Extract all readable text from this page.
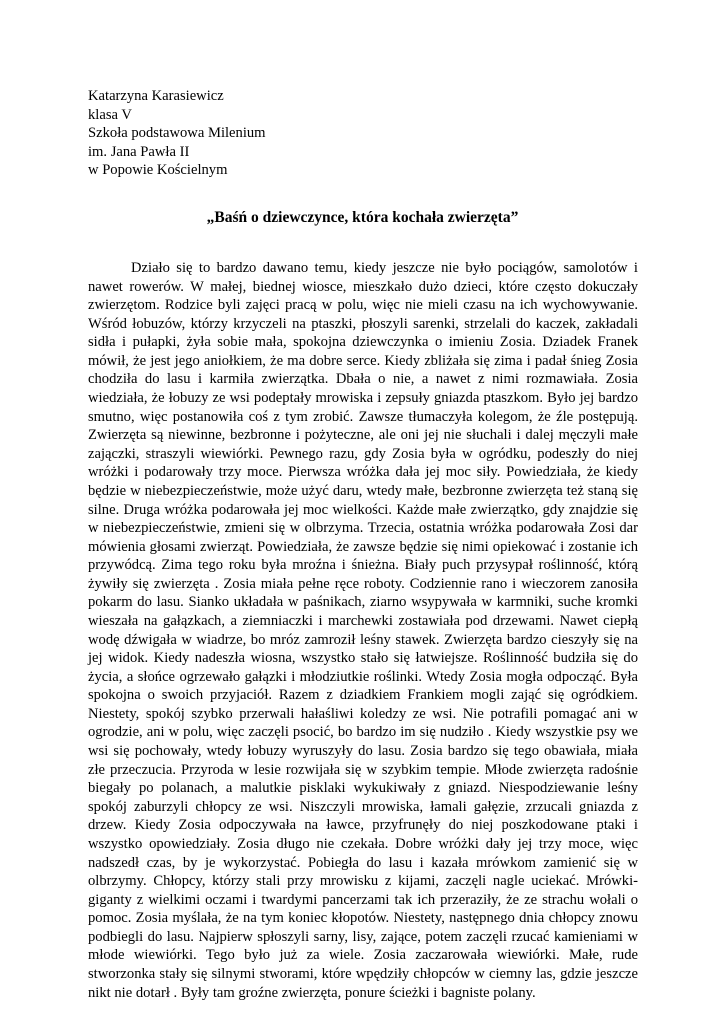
Katarzyna Karasiewicz
klasa V
Szkoła podstawowa Milenium
im. Jana Pawła II
w Popowie Kościelnym
„Baśń o dziewczynce, która kochała zwierzęta”
Działo się to bardzo dawano temu, kiedy jeszcze nie było pociągów, samolotów i
nawet rowerów. W małej, biednej wiosce, mieszkało dużo dzieci, które często dokuczały
zwierzętom. Rodzice byli zajęci pracą w polu, więc nie mieli czasu na ich wychowywanie.
Wśród łobuzów, którzy krzyczeli na ptaszki, płoszyli sarenki, strzelali do kaczek, zakładali
sidła i pułapki, żyła sobie mała, spokojna dziewczynka o imieniu Zosia. Dziadek Franek
mówił, że jest jego aniołkiem, że ma dobre serce. Kiedy zbliżała się zima i padał śnieg Zosia
chodziła do lasu i karmiła zwierzątka. Dbała o nie, a nawet z nimi rozmawiała. Zosia
wiedziała, że łobuzy ze wsi podeptały mrowiska i zepsuły gniazda ptaszkom. Było jej bardzo
smutno, więc postanowiła coś z tym zrobić. Zawsze tłumaczyła kolegom, że źle postępują.
Zwierzęta są niewinne, bezbronne i pożyteczne, ale oni jej nie słuchali i dalej męczyli małe
zajączki, straszyli wiewiórki. Pewnego razu, gdy Zosia była w ogródku, podeszły do niej
wróżki i podarowały trzy moce. Pierwsza wróżka dała jej moc siły. Powiedziała, że kiedy
będzie w niebezpieczeństwie, może użyć daru, wtedy małe, bezbronne zwierzęta też staną się
silne. Druga wróżka podarowała jej moc wielkości. Każde małe zwierzątko, gdy znajdzie się
w niebezpieczeństwie, zmieni się w olbrzyma. Trzecia, ostatnia wróżka podarowała Zosi dar
mówienia głosami zwierząt. Powiedziała, że zawsze będzie się nimi opiekować i zostanie ich
przywódcą. Zima tego roku była mroźna i śnieżna. Biały puch przysypał roślinność, którą
żywiły się zwierzęta . Zosia miała pełne ręce roboty. Codziennie rano i wieczorem zanosiła
pokarm do lasu. Sianko układała w paśnikach, ziarno wsypywała w karmniki, suche kromki
wieszała na gałązkach, a ziemniaczki i marchewki zostawiała pod drzewami. Nawet ciepłą
wodę dźwigała w wiadrze, bo mróz zamroził leśny stawek. Zwierzęta bardzo cieszyły się na
jej widok. Kiedy nadeszła wiosna, wszystko stało się łatwiejsze. Roślinność budziła się do
życia, a słońce ogrzewało gałązki i młodziutkie roślinki. Wtedy Zosia mogła odpocząć. Była
spokojna o swoich przyjaciół. Razem z dziadkiem Frankiem mogli zająć się ogródkiem.
Niestety, spokój szybko przerwali hałaśliwi koledzy ze wsi. Nie potrafili pomagać ani w
ogrodzie, ani w polu, więc zaczęli psocić, bo bardzo im się nudziło . Kiedy wszystkie psy we
wsi się pochowały, wtedy łobuzy wyruszyły do lasu. Zosia bardzo się tego obawiała, miała
złe przeczucia. Przyroda w lesie rozwijała się w szybkim tempie. Młode zwierzęta radośnie
biegały po polanach, a malutkie pisklaki wykukiwały z gniazd. Niespodziewanie leśny
spokój zaburzyli chłopcy ze wsi. Niszczyli mrowiska, łamali gałęzie, zrzucali gniazda z
drzew. Kiedy Zosia odpoczywała na ławce, przyfrunęły do niej poszkodowane ptaki i
wszystko opowiedziały. Zosia długo nie czekała. Dobre wróżki dały jej trzy moce, więc
nadszedł czas, by je wykorzystać. Pobiegła do lasu i kazała mrówkom zamienić się w
olbrzymy. Chłopcy, którzy stali przy mrowisku z kijami, zaczęli nagle uciekać. Mrówki-
giganty z wielkimi oczami i twardymi pancerzami tak ich przeraziły, że ze strachu wołali o
pomoc. Zosia myślała, że na tym koniec kłopotów. Niestety, następnego dnia chłopcy znowu
podbiegli do lasu. Najpierw spłoszyli sarny, lisy, zające, potem zaczęli rzucać kamieniami w
młode wiewiórki. Tego było już za wiele. Zosia zaczarowała wiewiórki. Małe, rude
stworzonka stały się silnymi stworami, które wpędziły chłopców w ciemny las, gdzie jeszcze
nikt nie dotarł . Były tam groźne zwierzęta, ponure ścieżki i bagniste polany.
